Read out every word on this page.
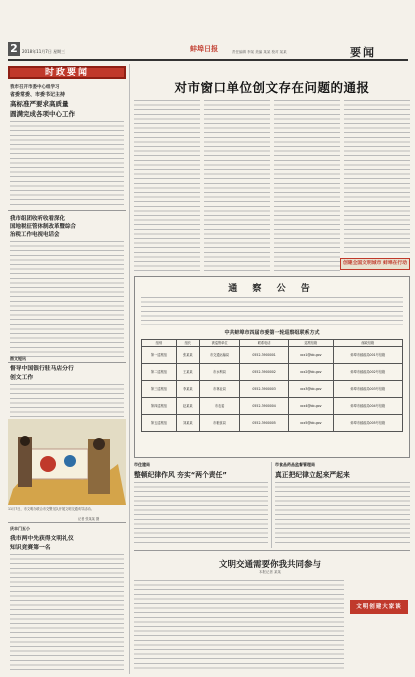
2	2018年11月7日 星期三	蚌埠日报	责任编辑 李某 美编 某某 校对 某某	要闻
时政要闻
我市召开市委中心组学习
省委常委、市委书记主持
高标准严要求高质量
圆满完成各项中心工作
我市组团收听收看深化
国地税征管体制改革暨综合
治税工作电视电话会
图文短讯
督导中国银行驻马店分行
创文工作
11月7日，市文明办联合市交警支队开展文明交通劝导活动。
记者 张某某 摄
庆丰门五小
我市两中先获得文明礼仪
知识竞赛第一名
对市窗口单位创文存在问题的通报
创建全国文明城市 蚌埠在行动
通 察 公 告
中共蚌埠市四届市委第一轮巡察组联系方式
组别	组长	被巡察单位	联系电话	巡察信箱	邮政信箱
第一巡察组	张某某	市交通运输局	0552-3900001	xcz1@bb.gov	蚌埠市邮政局001号信箱
第二巡察组	王某某	市水利局	0552-3900002	xcz2@bb.gov	蚌埠市邮政局002号信箱
第三巡察组	李某某	市林业局	0552-3900003	xcz3@bb.gov	蚌埠市邮政局003号信箱
第四巡察组	赵某某	市农委	0552-3900004	xcz4@bb.gov	蚌埠市邮政局004号信箱
第五巡察组	刘某某	市粮食局	0552-3900005	xcz5@bb.gov	蚌埠市邮政局005号信箱
市住建局
整顿纪律作风 夯实“两个责任”
市食品药品监督管理局
真正把纪律立起来严起来
文明交通需要你我共同参与
本报记者 某某
文明创建大家谈
